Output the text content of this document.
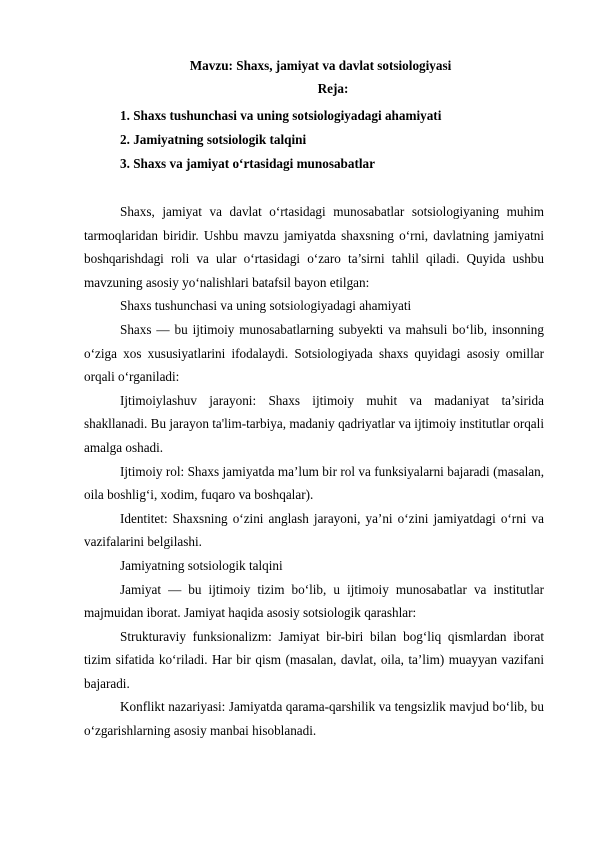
Mavzu: Shaxs, jamiyat va davlat sotsiologiyasi
Reja:
1. Shaxs tushunchasi va uning sotsiologiyadagi ahamiyati
2. Jamiyatning sotsiologik talqini
3. Shaxs va jamiyat o‘rtasidagi munosabatlar

Shaxs, jamiyat va davlat o‘rtasidagi munosabatlar sotsiologiyaning muhim tarmoqlaridan biridir. Ushbu mavzu jamiyatda shaxsning o‘rni, davlatning jamiyatni boshqarishdagi roli va ular o‘rtasidagi o‘zaro ta’sirni tahlil qiladi. Quyida ushbu mavzuning asosiy yo‘nalishlari batafsil bayon etilgan:

Shaxs tushunchasi va uning sotsiologiyadagi ahamiyati

Shaxs — bu ijtimoiy munosabatlarning subyekti va mahsuli bo‘lib, insonning o‘ziga xos xususiyatlarini ifodalaydi. Sotsiologiyada shaxs quyidagi asosiy omillar orqali o‘rganiladi:

Ijtimoiylashuv jarayoni: Shaxs ijtimoiy muhit va madaniyat ta’sirida shakllanadi. Bu jarayon ta'lim-tarbiya, madaniy qadriyatlar va ijtimoiy institutlar orqali amalga oshadi.

Ijtimoiy rol: Shaxs jamiyatda ma’lum bir rol va funksiyalarni bajaradi (masalan, oila boshlig‘i, xodim, fuqaro va boshqalar).

Identitet: Shaxsning o‘zini anglash jarayoni, ya’ni o‘zini jamiyatdagi o‘rni va vazifalarini belgilashi.

Jamiyatning sotsiologik talqini

Jamiyat — bu ijtimoiy tizim bo‘lib, u ijtimoiy munosabatlar va institutlar majmuidan iborat. Jamiyat haqida asosiy sotsiologik qarashlar:

Strukturaviy funksionalizm: Jamiyat bir-biri bilan bog‘liq qismlardan iborat tizim sifatida ko‘riladi. Har bir qism (masalan, davlat, oila, ta’lim) muayyan vazifani bajaradi.

Konflikt nazariyasi: Jamiyatda qarama-qarshilik va tengsizlik mavjud bo‘lib, bu o‘zgarishlarning asosiy manbai hisoblanadi.
